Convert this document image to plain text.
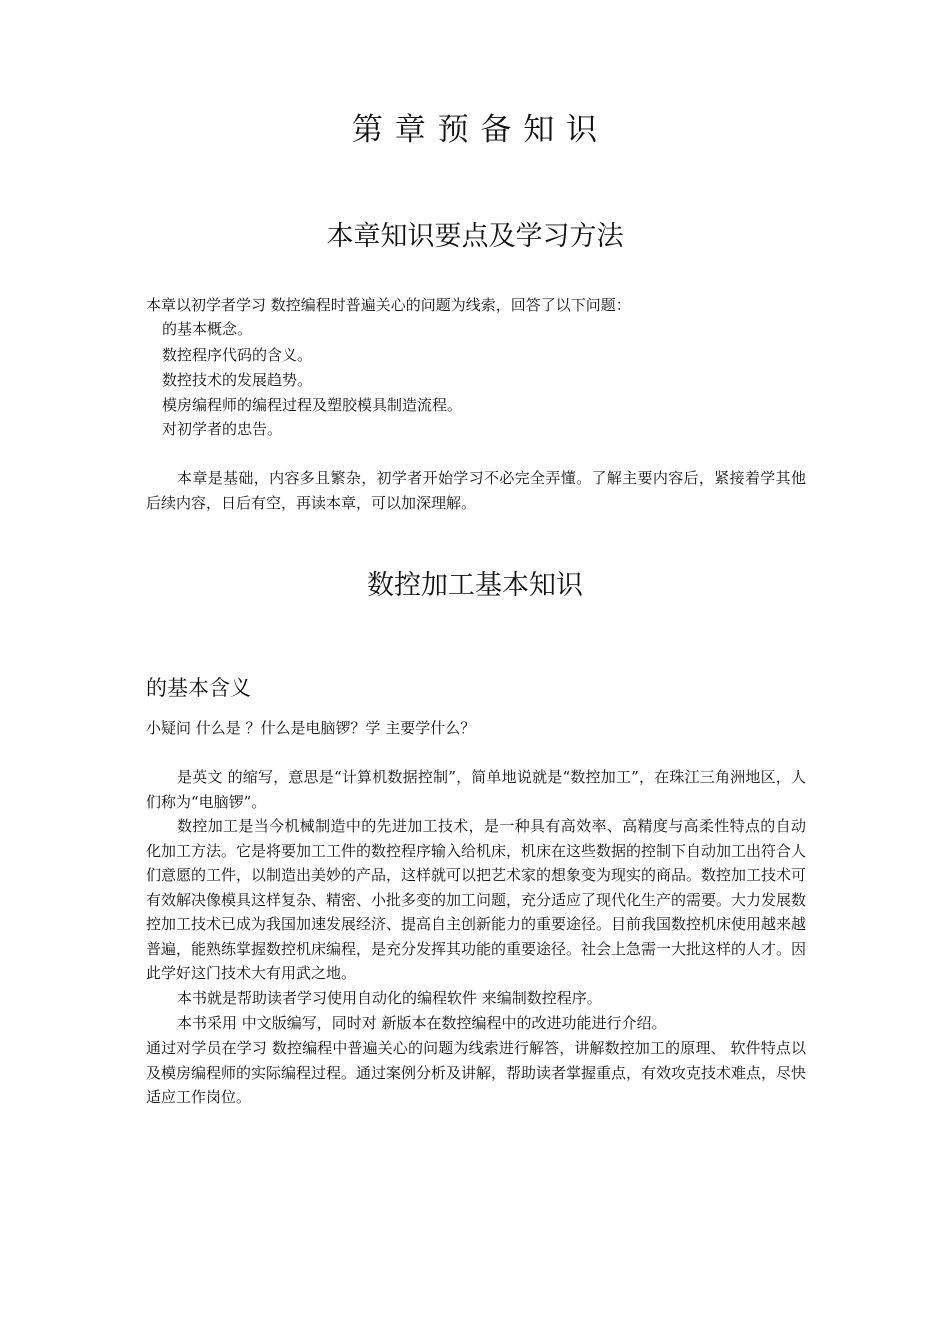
第 章 预 备 知 识
本章知识要点及学习方法
本章以初学者学习 数控编程时普遍关心的问题为线索，回答了以下问题：
的基本概念。
数控程序代码的含义。
数控技术的发展趋势。
模房编程师的编程过程及塑胶模具制造流程。
对初学者的忠告。
本章是基础，内容多且繁杂，初学者开始学习不必完全弄懂。了解主要内容后，紧接着学其他后续内容，日后有空，再读本章，可以加深理解。
数控加工基本知识
的基本含义
小疑问 什么是 ？什么是电脑锣？学 主要学什么？
是英文 的缩写，意思是“计算机数据控制”，简单地说就是“数控加工”，在珠江三角洲地区，人们称为“电脑锣”。
数控加工是当今机械制造中的先进加工技术，是一种具有高效率、高精度与高柔性特点的自动化加工方法。它是将要加工工件的数控程序输入给机床，机床在这些数据的控制下自动加工出符合人们意愿的工件，以制造出美妙的产品，这样就可以把艺术家的想象变为现实的商品。数控加工技术可有效解决像模具这样复杂、精密、小批多变的加工问题，充分适应了现代化生产的需要。大力发展数控加工技术已成为我国加速发展经济、提高自主创新能力的重要途径。目前我国数控机床使用越来越普遍，能熟练掌握数控机床编程，是充分发挥其功能的重要途径。社会上急需一大批这样的人才。因此学好这门技术大有用武之地。
本书就是帮助读者学习使用自动化的编程软件 来编制数控程序。
本书采用 中文版编写，同时对 新版本在数控编程中的改进功能进行介绍。
通过对学员在学习 数控编程中普遍关心的问题为线索进行解答，讲解数控加工的原理、 软件特点以及模房编程师的实际编程过程。通过案例分析及讲解，帮助读者掌握重点，有效攻克技术难点，尽快适应工作岗位。
